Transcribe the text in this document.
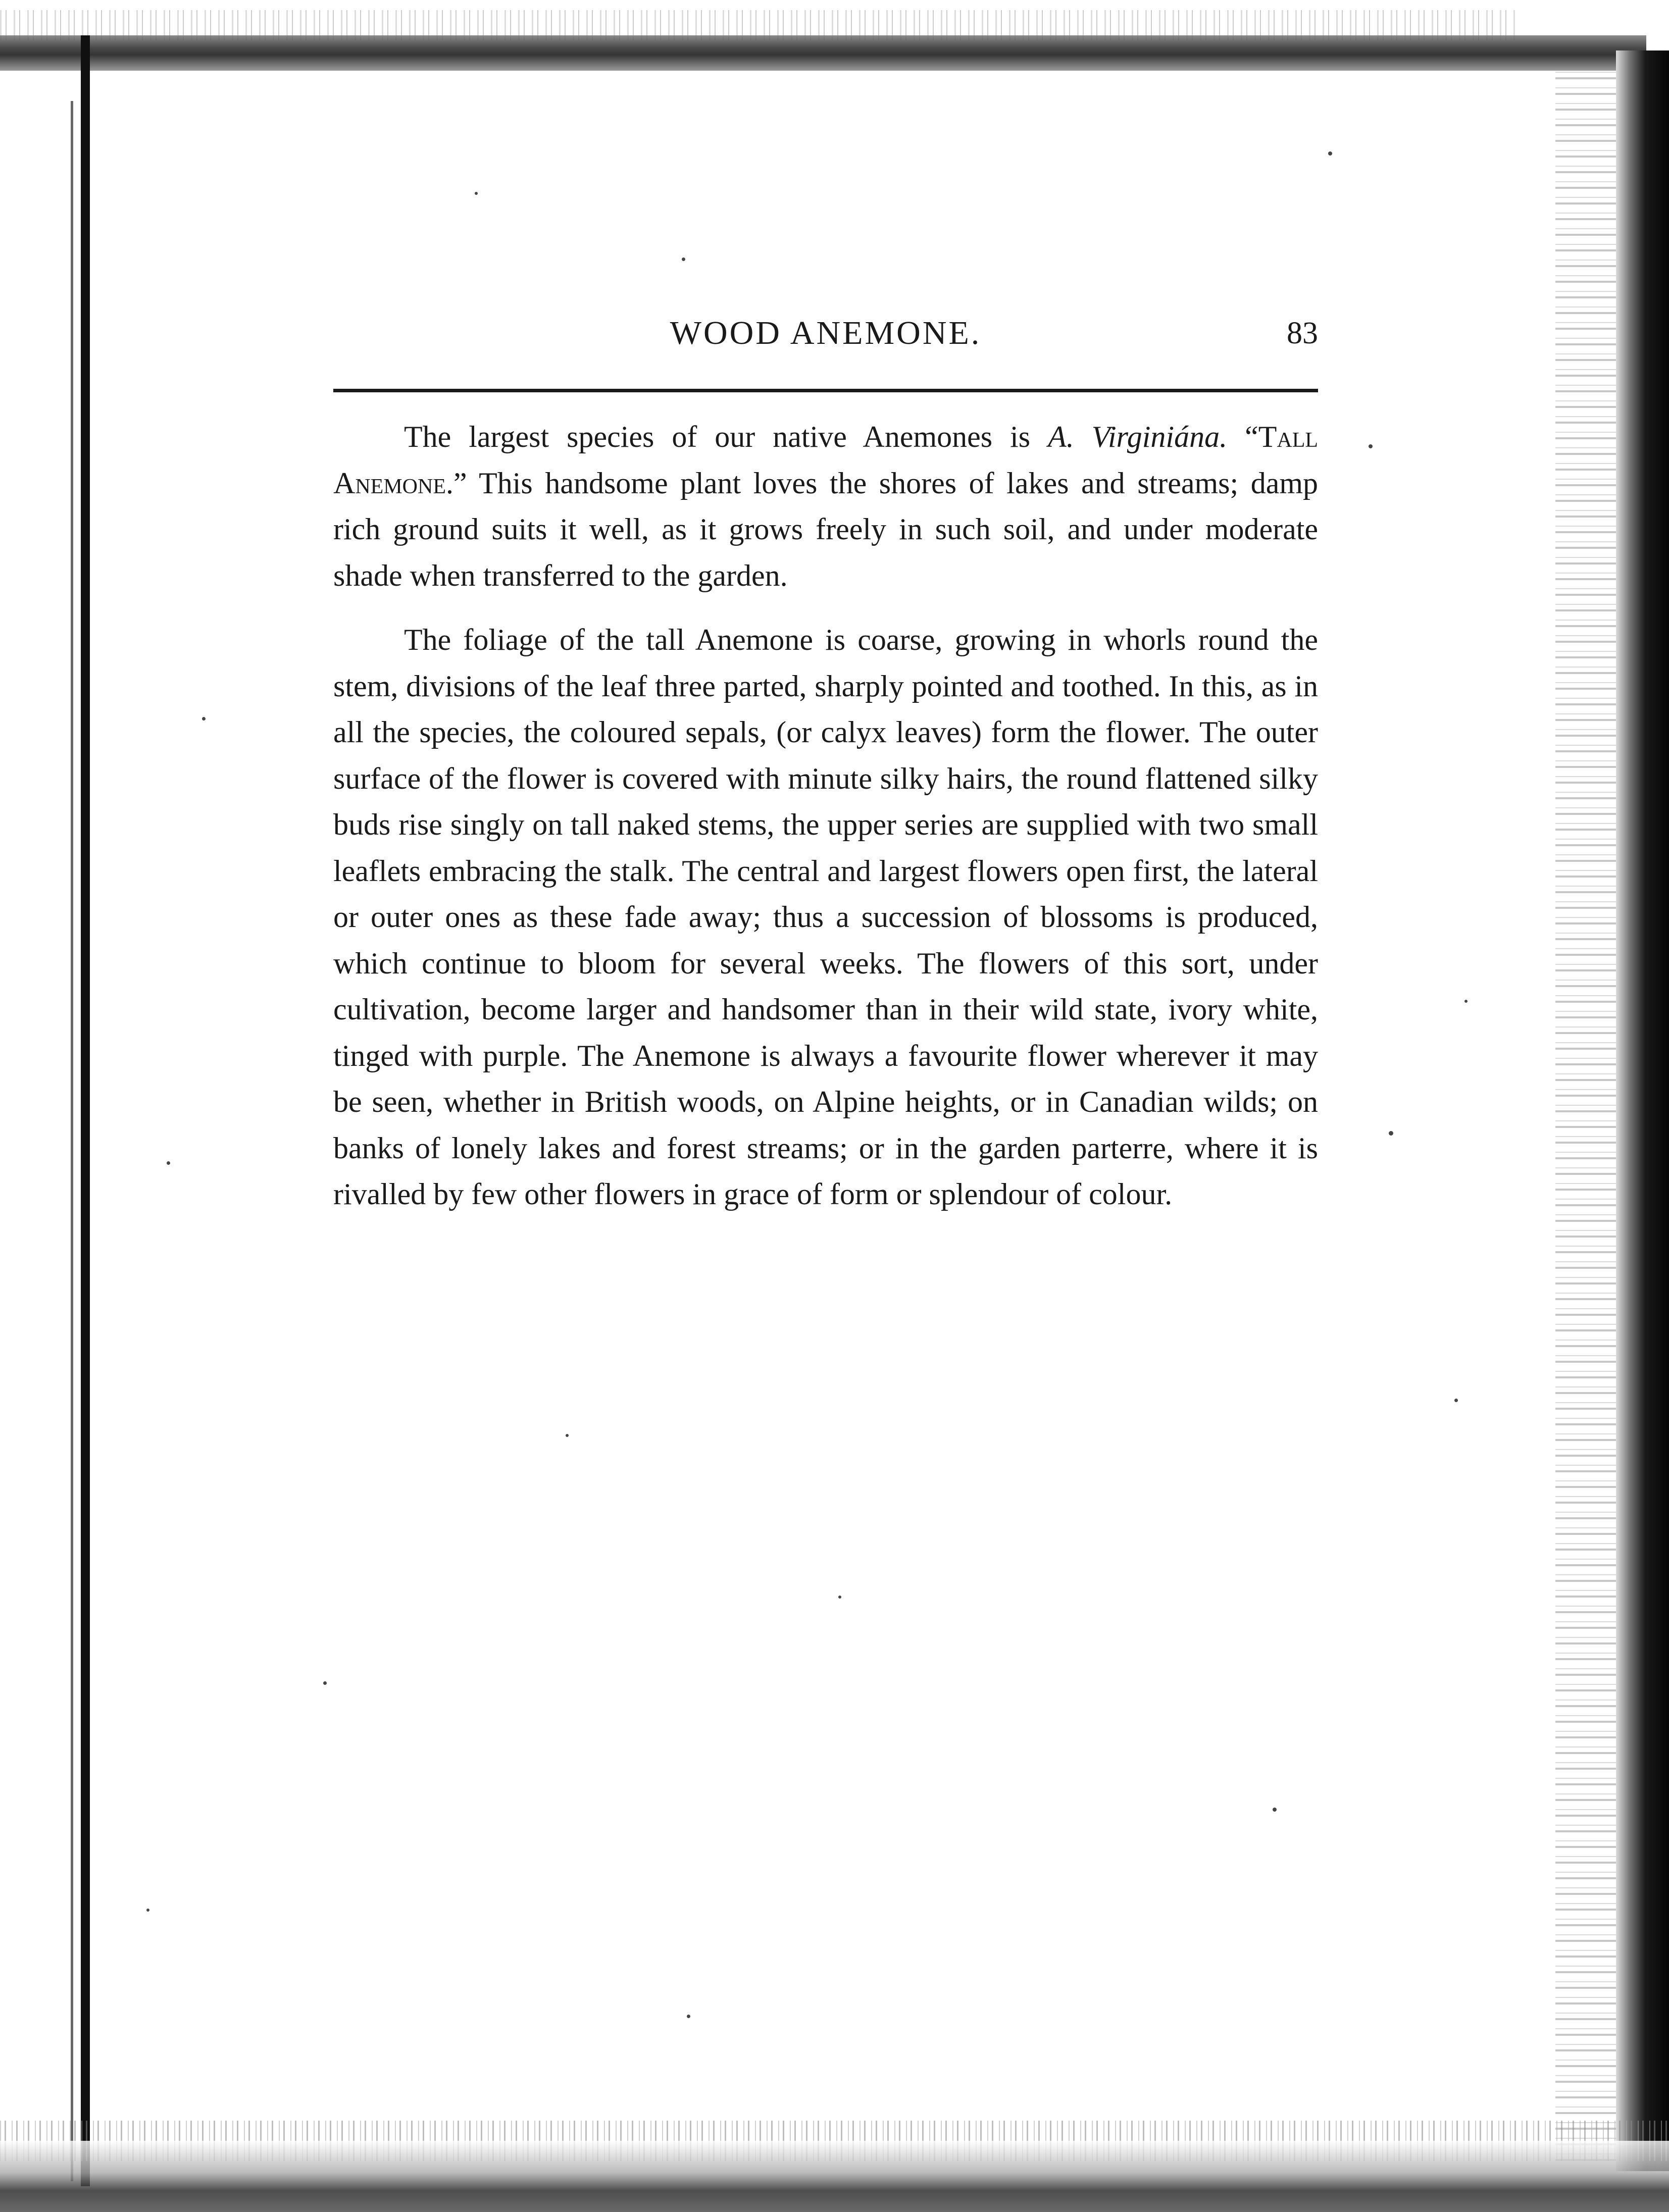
WOOD ANEMONE.	83

The largest species of our native Anemones is A. Virginiána. “Tall Anemone.” This handsome plant loves the shores of lakes and streams; damp rich ground suits it well, as it grows freely in such soil, and under moderate shade when transferred to the garden.

The foliage of the tall Anemone is coarse, growing in whorls round the stem, divisions of the leaf three parted, sharply pointed and toothed. In this, as in all the species, the coloured sepals, (or calyx leaves) form the flower. The outer surface of the flower is covered with minute silky hairs, the round flattened silky buds rise singly on tall naked stems, the upper series are supplied with two small leaflets embracing the stalk. The central and largest flowers open first, the lateral or outer ones as these fade away; thus a succession of blossoms is produced, which continue to bloom for several weeks. The flowers of this sort, under cultivation, become larger and handsomer than in their wild state, ivory white, tinged with purple. The Anemone is always a favourite flower wherever it may be seen, whether in British woods, on Alpine heights, or in Canadian wilds; on banks of lonely lakes and forest streams; or in the garden parterre, where it is rivalled by few other flowers in grace of form or splendour of colour.
